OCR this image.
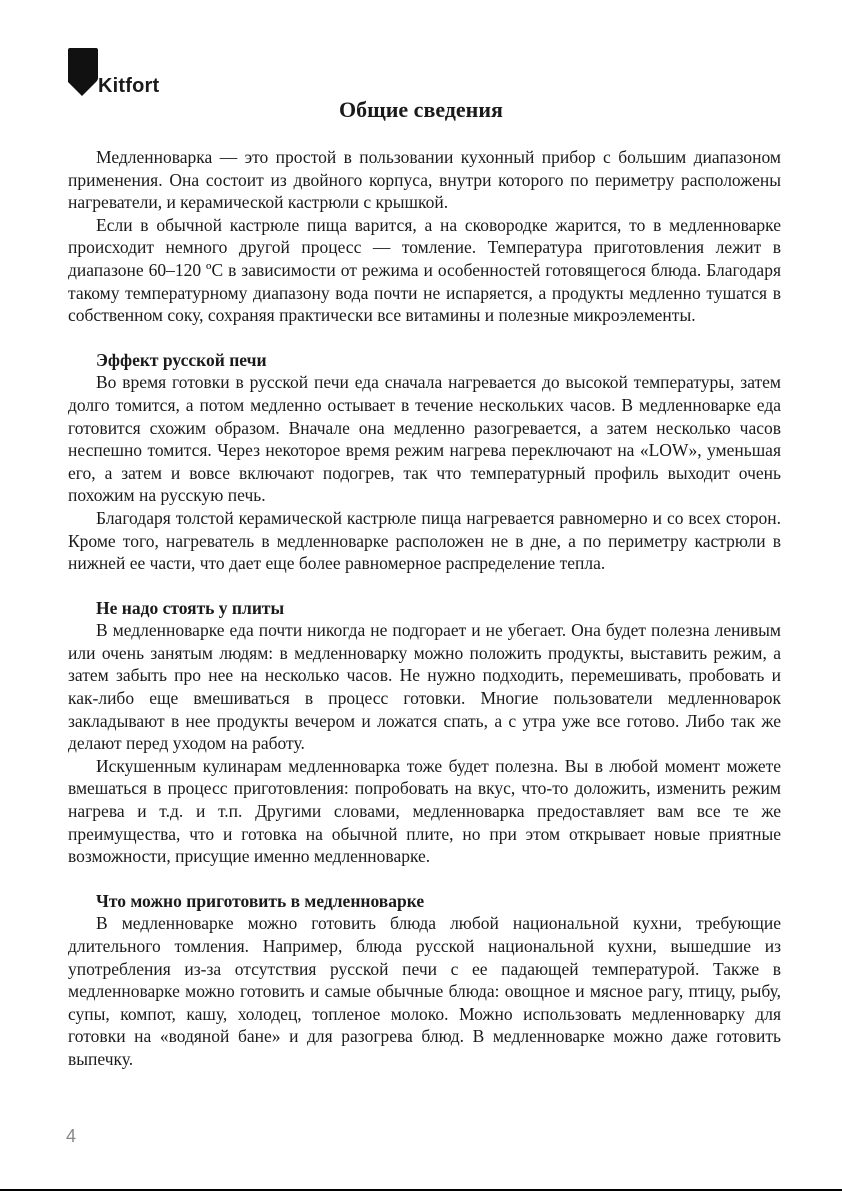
Kitfort
Общие сведения

Медленноварка — это простой в пользовании кухонный прибор с большим диапазоном применения. Она состоит из двойного корпуса, внутри которого по периметру расположены нагреватели, и керамической кастрюли с крышкой.

Если в обычной кастрюле пища варится, а на сковородке жарится, то в медленноварке происходит немного другой процесс — томление. Температура приготовления лежит в диапазоне 60–120 ºC в зависимости от режима и особенностей готовящегося блюда. Благодаря такому температурному диапазону вода почти не испаряется, а продукты медленно тушатся в собственном соку, сохраняя практически все витамины и полезные микроэлементы.

Эффект русской печи

Во время готовки в русской печи еда сначала нагревается до высокой температуры, затем долго томится, а потом медленно остывает в течение нескольких часов. В медленноварке еда готовится схожим образом. Вначале она медленно разогревается, а затем несколько часов неспешно томится. Через некоторое время режим нагрева переключают на «LOW», уменьшая его, а затем и вовсе включают подогрев, так что температурный профиль выходит очень похожим на русскую печь.

Благодаря толстой керамической кастрюле пища нагревается равномерно и со всех сторон. Кроме того, нагреватель в медленноварке расположен не в дне, а по периметру кастрюли в нижней ее части, что дает еще более равномерное распределение тепла.

Не надо стоять у плиты

В медленноварке еда почти никогда не подгорает и не убегает. Она будет полезна ленивым или очень занятым людям: в медленноварку можно положить продукты, выставить режим, а затем забыть про нее на несколько часов. Не нужно подходить, перемешивать, пробовать и как-либо еще вмешиваться в процесс готовки. Многие пользователи медленноварок закладывают в нее продукты вечером и ложатся спать, а с утра уже все готово. Либо так же делают перед уходом на работу.

Искушенным кулинарам медленноварка тоже будет полезна. Вы в любой момент можете вмешаться в процесс приготовления: попробовать на вкус, что-то доложить, изменить режим нагрева и т.д. и т.п. Другими словами, медленноварка предоставляет вам все те же преимущества, что и готовка на обычной плите, но при этом открывает новые приятные возможности, присущие именно медленноварке.

Что можно приготовить в медленноварке

В медленноварке можно готовить блюда любой национальной кухни, требующие длительного томления. Например, блюда русской национальной кухни, вышедшие из употребления из-за отсутствия русской печи с ее падающей температурой. Также в медленноварке можно готовить и самые обычные блюда: овощное и мясное рагу, птицу, рыбу, супы, компот, кашу, холодец, топленое молоко. Можно использовать медленноварку для готовки на «водяной бане» и для разогрева блюд. В медленноварке можно даже готовить выпечку.

4
